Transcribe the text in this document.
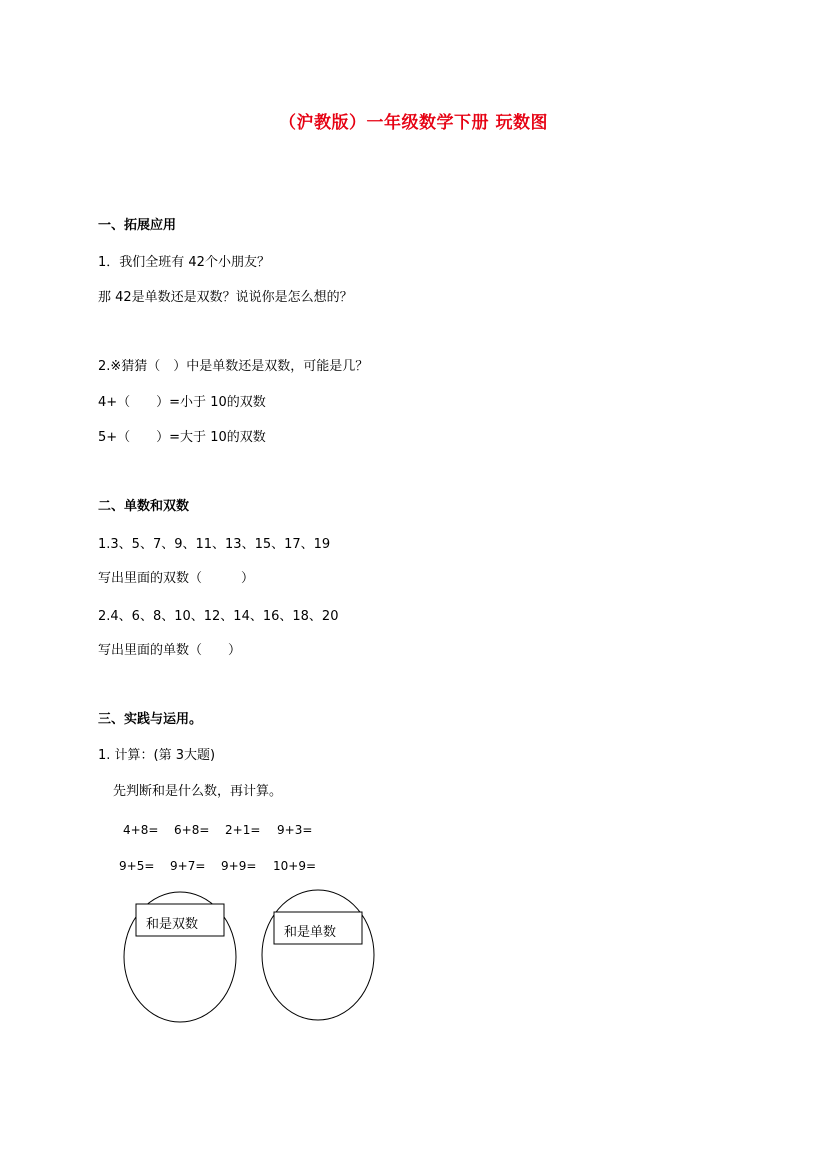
（沪教版）一年级数学下册 玩数图
一、拓展应用
1．我们全班有 42个小朋友？
那 42是单数还是双数？说说你是怎么想的？
2.※猜猜（　）中是单数还是双数，可能是几？
4+（　　）=小于 10的双数
5+（　　）=大于 10的双数
二、单数和双数
1.3、5、7、9、11、13、15、17、19
写出里面的双数（　　　）
2.4、6、8、10、12、14、16、18、20
写出里面的单数（　　）
三、实践与运用。
1. 计算：(第 3大题)
先判断和是什么数，再计算。
4+8= 6+8= 2+1= 9+3=
9+5= 9+7= 9+9= 10+9=
和是双数
和是单数
